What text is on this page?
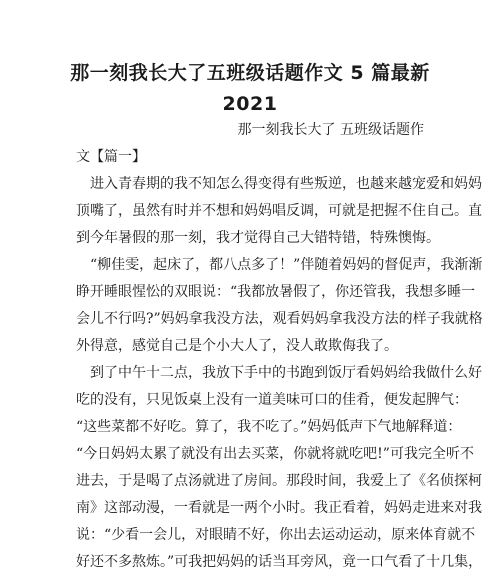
那一刻我长大了五班级话题作文 5 篇最新 2021
那一刻我长大了 五班级话题作
文【篇一】
进入青春期的我不知怎么得变得有些叛逆，也越来越宠爱和妈妈
顶嘴了，虽然有时并不想和妈妈唱反调，可就是把握不住自己。直
到今年暑假的那一刻，我才觉得自己大错特错，特殊懊悔。
“柳佳雯，起床了，都八点多了！”伴随着妈妈的督促声，我渐渐
睁开睡眼惺忪的双眼说：“我都放暑假了，你还管我，我想多睡一
会儿不行吗?”妈妈拿我没方法，观看妈妈拿我没方法的样子我就格
外得意，感觉自己是个小大人了，没人敢欺侮我了。
到了中午十二点，我放下手中的书跑到饭厅看妈妈给我做什么好
吃的没有，只见饭桌上没有一道美味可口的佳肴，便发起脾气：
“这些菜都不好吃。算了，我不吃了。”妈妈低声下气地解释道：
“今日妈妈太累了就没有出去买菜，你就将就吃吧!”可我完全听不
进去，于是喝了点汤就进了房间。那段时间，我爱上了《名侦探柯
南》这部动漫，一看就是一两个小时。我正看着，妈妈走进来对我
说：“少看一会儿，对眼睛不好，你出去运动运动，原来体育就不
好还不多熬炼。”可我把妈妈的话当耳旁风，竟一口气看了十几集，
